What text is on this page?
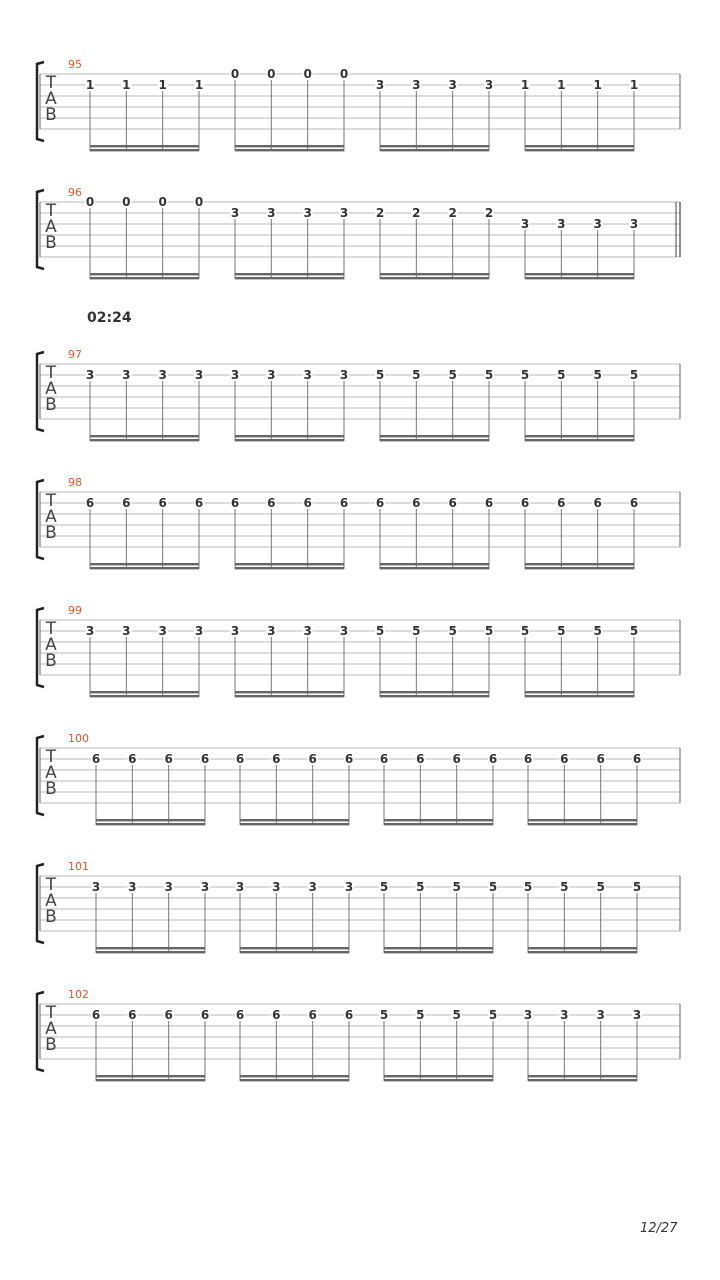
95
T
A
B
1 1 1 1
0 0 0 0
3 3 3 3 1 1 1 1
96
T
A
B
0 0 0 0
3 3 3 3 2 2 2 2
3 3 3 3
97
T
A
B
3 3 3 3 3 3 3 3 5 5 5 5 5 5 5 5
98
T
A
B
6 6 6 6 6 6 6 6 6 6 6 6 6 6 6 6
99
T
A
B
3 3 3 3 3 3 3 3 5 5 5 5 5 5 5 5
100
T
A
B
6 6 6 6 6 6 6 6 6 6 6 6 6 6 6 6
101
T
A
B
3 3 3 3 3 3 3 3 5 5 5 5 5 5 5 5
102
T
A
B
6 6 6 6 6 6 6 6 5 5 5 5 3 3 3 3
02:24
12/27
